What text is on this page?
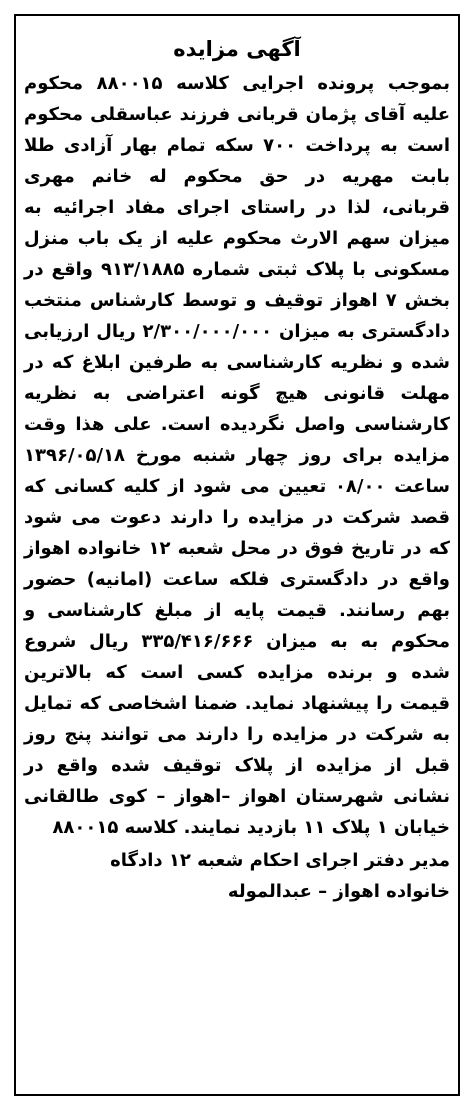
آگهی مزایده

بموجب پرونده اجرایی کلاسه ۸۸۰۰۱۵ محکوم علیه آقای پژمان قربانی فرزند عباسقلی محکوم است به پرداخت ۷۰۰ سکه تمام بهار آزادی طلا بابت مهریه در حق محکوم له خانم مهری قربانی، لذا در راستای اجرای مفاد اجرائیه به میزان سهم الارث محکوم علیه از یک باب منزل مسکونی با پلاک ثبتی شماره ۹۱۳/۱۸۸۵ واقع در بخش ۷ اهواز توقیف و توسط کارشناس منتخب دادگستری به میزان ۲/۳۰۰/۰۰۰/۰۰۰ ریال ارزیابی شده و نظریه کارشناسی به طرفین ابلاغ که در مهلت قانونی هیچ گونه اعتراضی به نظریه کارشناسی واصل نگردیده است. علی هذا وقت مزایده برای روز چهار شنبه مورخ ۱۳۹۶/۰۵/۱۸ ساعت ۰۸/۰۰ تعیین می شود از کلیه کسانی که قصد شرکت در مزایده را دارند دعوت می شود که در تاریخ فوق در محل شعبه ۱۲ خانواده اهواز واقع در دادگستری فلکه ساعت (امانیه) حضور بهم رسانند. قیمت پایه از مبلغ کارشناسی و محکوم به به میزان ۳۳۵/۴۱۶/۶۶۶ ریال شروع شده و برنده مزایده کسی است که بالاترین قیمت را پیشنهاد نماید. ضمنا اشخاصی که تمایل به شرکت در مزایده را دارند می توانند پنج روز قبل از مزایده از پلاک توقیف شده واقع در نشانی شهرستان اهواز –اهواز – کوی طالقانی خیابان ۱ پلاک ۱۱ بازدید نمایند. کلاسه ۸۸۰۰۱۵

مدیر دفتر اجرای احکام شعبه ۱۲ دادگاه

خانواده اهواز – عبدالموله
